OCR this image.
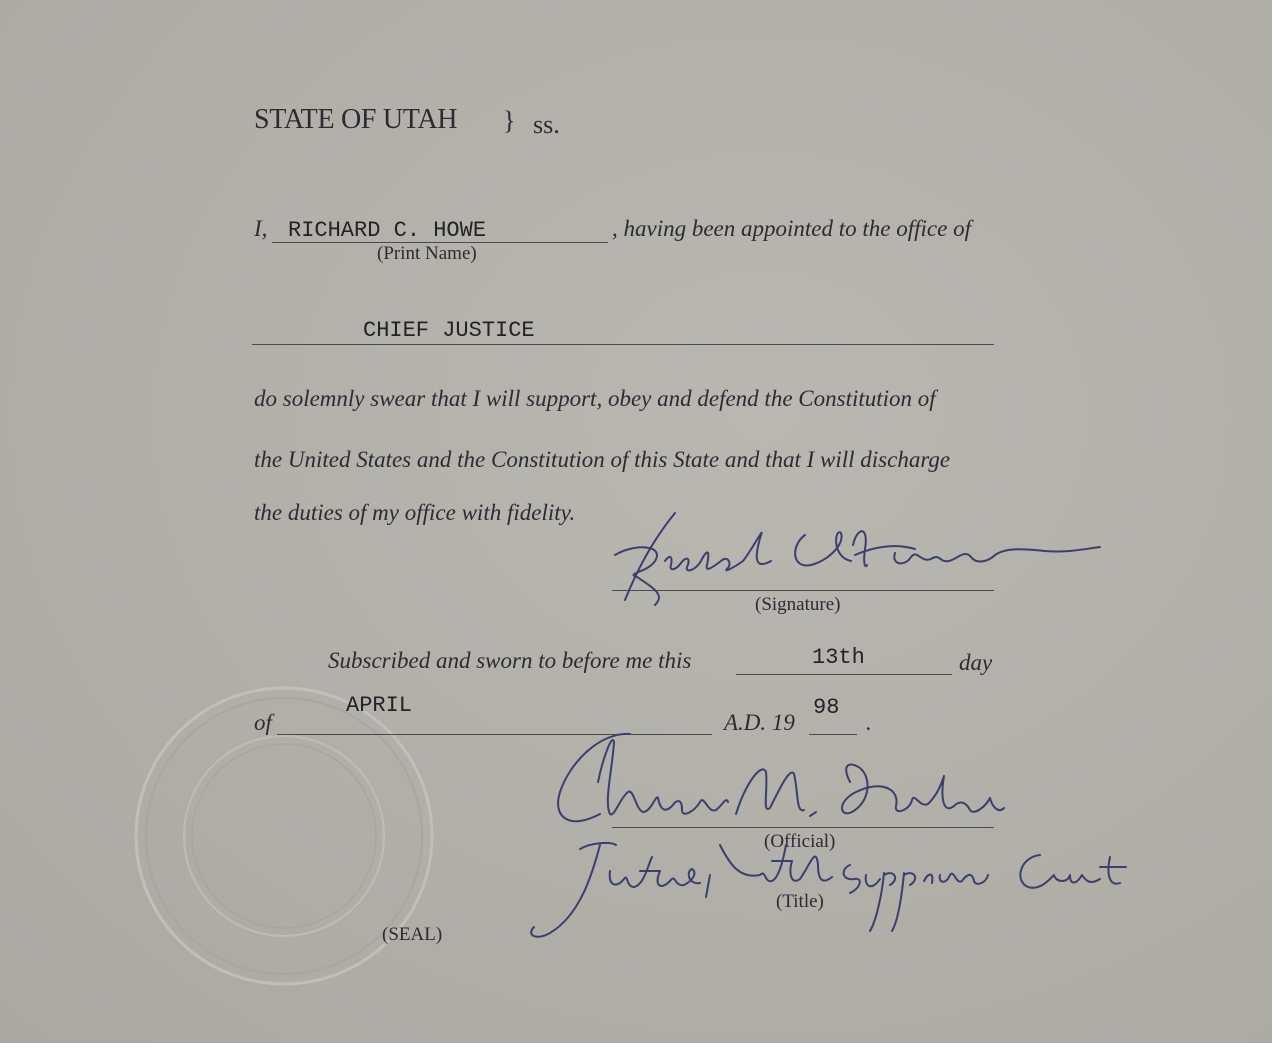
STATE OF UTAH } ss.
I, RICHARD C. HOWE	, having been appointed to the office of
(Print Name)
CHIEF JUSTICE
do solemnly swear that I will support, obey and defend the Constitution of
the United States and the Constitution of this State and that I will discharge
the duties of my office with fidelity.
(Signature)
Subscribed and sworn to before me this	13th	day
of
APRIL
A.D. 19
98
.
(Official)
(Title)
(SEAL)
